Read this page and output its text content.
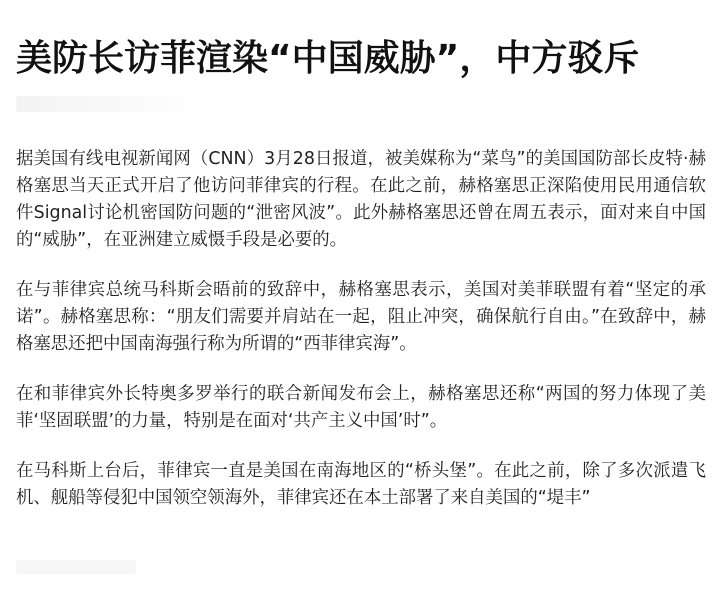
美防长访菲渲染“中国威胁”，中方驳斥

据美国有线电视新闻网（CNN）3月28日报道，被美媒称为“菜鸟”的美国国防部长皮特·赫格塞思当天正式开启了他访问菲律宾的行程。在此之前，赫格塞思正深陷使用民用通信软件Signal讨论机密国防问题的“泄密风波”。此外赫格塞思还曾在周五表示，面对来自中国的“威胁”，在亚洲建立威慑手段是必要的。

在与菲律宾总统马科斯会晤前的致辞中，赫格塞思表示，美国对美菲联盟有着“坚定的承诺”。赫格塞思称：“朋友们需要并肩站在一起，阻止冲突，确保航行自由。”在致辞中，赫格塞思还把中国南海强行称为所谓的“西菲律宾海”。

在和菲律宾外长特奥多罗举行的联合新闻发布会上，赫格塞思还称“两国的努力体现了美菲‘坚固联盟’的力量，特别是在面对‘共产主义中国’时”。

在马科斯上台后，菲律宾一直是美国在南海地区的“桥头堡”。在此之前，除了多次派遣飞机、舰船等侵犯中国领空领海外，菲律宾还在本土部署了来自美国的“堤丰”
